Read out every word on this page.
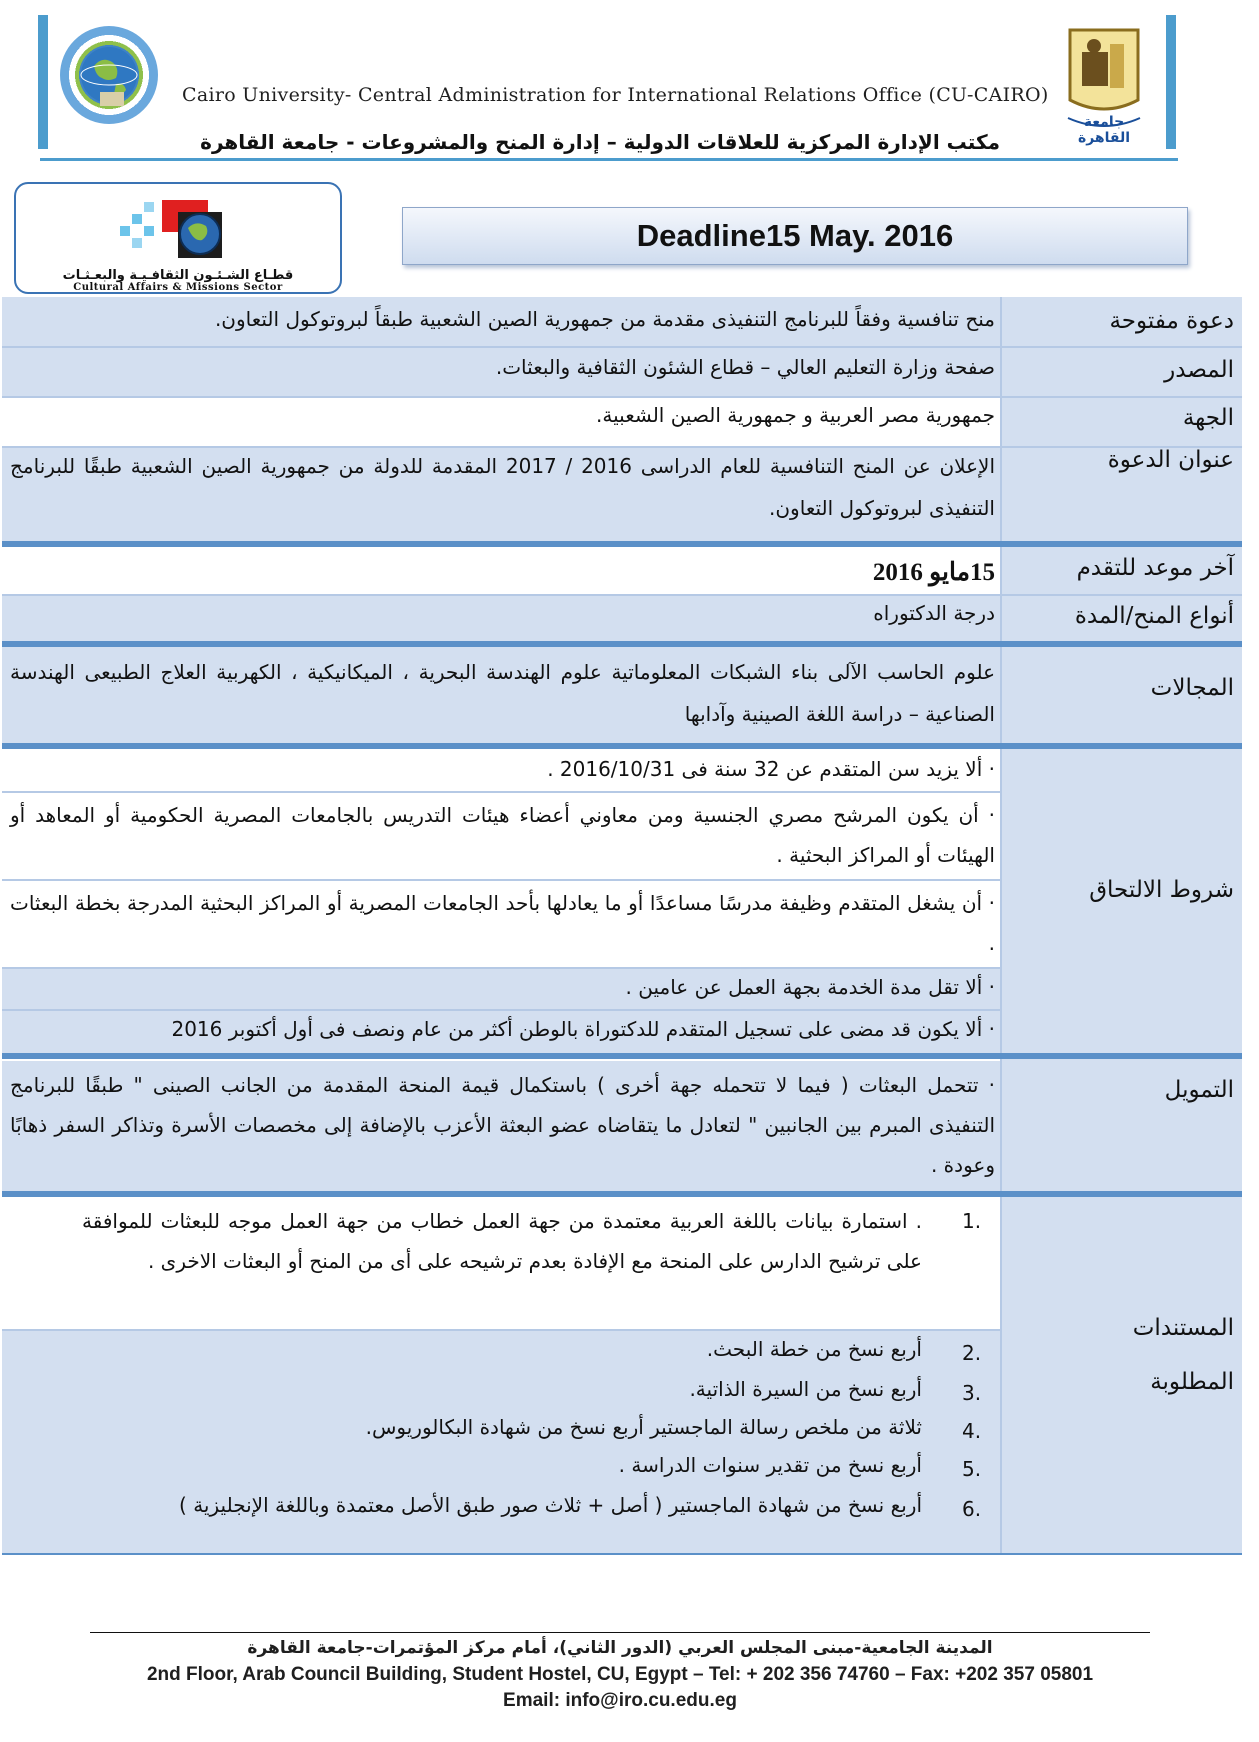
Cairo University- Central Administration for International Relations Office (CU-CAIRO)
جامعة القاهرة
مكتب الإدارة المركزية للعلاقات الدولية – إدارة المنح والمشروعات - جامعة القاهرة
قطـاع الشـئـون الثقافـيـة والبعـثـات
Cultural Affairs & Missions Sector
Deadline15 May. 2016
دعوة مفتوحة
المصدر
الجهة
عنوان الدعوة
آخر موعد للتقدم
أنواع المنح/المدة
المجالات
شروط الالتحاق
التمويل
المستندات
المطلوبة
منح تنافسية وفقاً للبرنامج التنفيذى مقدمة من جمهورية الصين الشعبية طبقاً لبروتوكول التعاون.
صفحة وزارة التعليم العالي – قطاع الشئون الثقافية والبعثات.
جمهورية مصر العربية و جمهورية الصين الشعبية.
الإعلان عن المنح التنافسية للعام الدراسى 2016 / 2017 المقدمة للدولة من جمهورية الصين الشعبية طبقًا للبرنامج التنفيذى لبروتوكول التعاون.
15مايو 2016
درجة الدكتوراه
علوم الحاسب الآلى بناء الشبكات المعلوماتية علوم الهندسة البحرية ، الميكانيكية ، الكهربية العلاج الطبيعى الهندسة الصناعية – دراسة اللغة الصينية وآدابها
· ألا يزيد سن المتقدم عن 32 سنة فى 2016/10/31 .
· أن يكون المرشح مصري الجنسية ومن معاوني أعضاء هيئات التدريس بالجامعات المصرية الحكومية أو المعاهد أو الهيئات أو المراكز البحثية .
· أن يشغل المتقدم وظيفة مدرسًا مساعدًا أو ما يعادلها بأحد الجامعات المصرية أو المراكز البحثية المدرجة بخطة البعثات .
· ألا تقل مدة الخدمة بجهة العمل عن عامين .
· ألا يكون قد مضى على تسجيل المتقدم للدكتوراة بالوطن أكثر من عام ونصف فى أول أكتوبر 2016
· تتحمل البعثات ( فيما لا تتحمله جهة أخرى ) باستكمال قيمة المنحة المقدمة من الجانب الصينى " طبقًا للبرنامج التنفيذى المبرم بين الجانبين " لتعادل ما يتقاضاه عضو البعثة الأعزب بالإضافة إلى مخصصات الأسرة وتذاكر السفر ذهابًا وعودة .
1.
. استمارة بيانات باللغة العربية معتمدة من جهة العمل خطاب من جهة العمل موجه للبعثات للموافقة على ترشيح الدارس على المنحة مع الإفادة بعدم ترشيحه على أى من المنح أو البعثات الاخرى .
2.
أربع نسخ من خطة البحث.
3.
أربع نسخ من السيرة الذاتية.
4.
ثلاثة من ملخص رسالة الماجستير أربع نسخ من شهادة البكالوريوس.
5.
أربع نسخ من تقدير سنوات الدراسة .
6.
أربع نسخ من شهادة الماجستير ( أصل + ثلاث صور طبق الأصل معتمدة وباللغة الإنجليزية )
المدينة الجامعية-مبنى المجلس العربي (الدور الثاني)، أمام مركز المؤتمرات-جامعة القاهرة
2nd Floor, Arab Council Building, Student Hostel, CU, Egypt – Tel: + 202 356 74760 – Fax: +202 357 05801
Email: info@iro.cu.edu.eg
